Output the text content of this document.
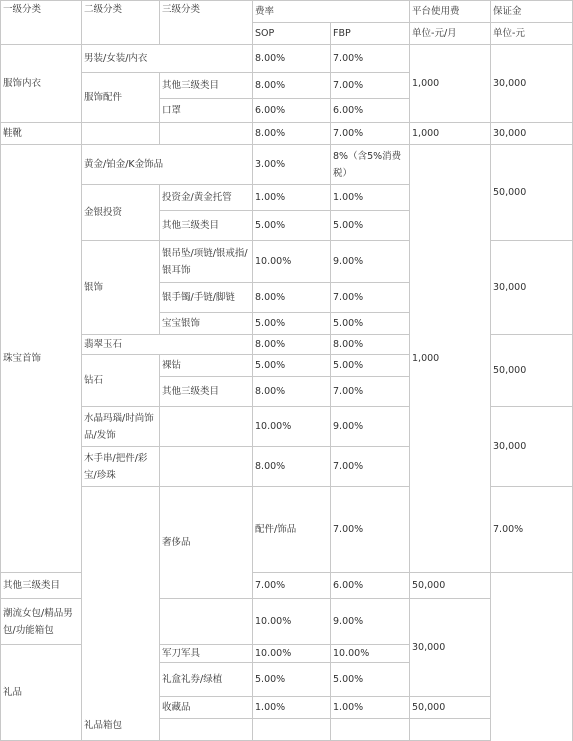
一级分类	二级分类	三级分类	费率		平台使用费	保证金	
			SOP	FBP	单位-元/月	单位-元	
服饰内衣	男装/女装/内衣		8.00%	7.00%	1,000	30,000	
	服饰配件	其他三级类目	8.00%	7.00%			
		口罩	6.00%	6.00%			
鞋靴			8.00%	7.00%	1,000	30,000	
珠宝首饰	黄金/铂金/K金饰品		3.00%	8%（含5%消费税）	1,000	50,000	
	金银投资	投资金/黄金托管	1.00%	1.00%			
		其他三级类目	5.00%	5.00%			
	银饰	银吊坠/项链/银戒指/银耳饰	10.00%	9.00%		30,000	
		银手镯/手链/脚链	8.00%	7.00%			
		宝宝银饰	5.00%	5.00%			
	翡翠玉石		8.00%	8.00%		50,000	
	钻石	裸钻	5.00%	5.00%			
		其他三级类目	8.00%	7.00%			
	水晶玛瑙/时尚饰品/发饰		10.00%	9.00%		30,000	
	木手串/把件/彩宝/珍珠		8.00%	7.00%			
	礼品箱包	奢侈品	配件/饰品	7.00%		7.00%		
其他三级类目			7.00%	6.00%	50,000		
潮流女包/精品男包/功能箱包			10.00%	9.00%	30,000		
礼品		军刀军具	10.00%	10.00%			
		礼盒礼券/绿植	5.00%	5.00%			
		收藏品	1.00%	1.00%	50,000		
